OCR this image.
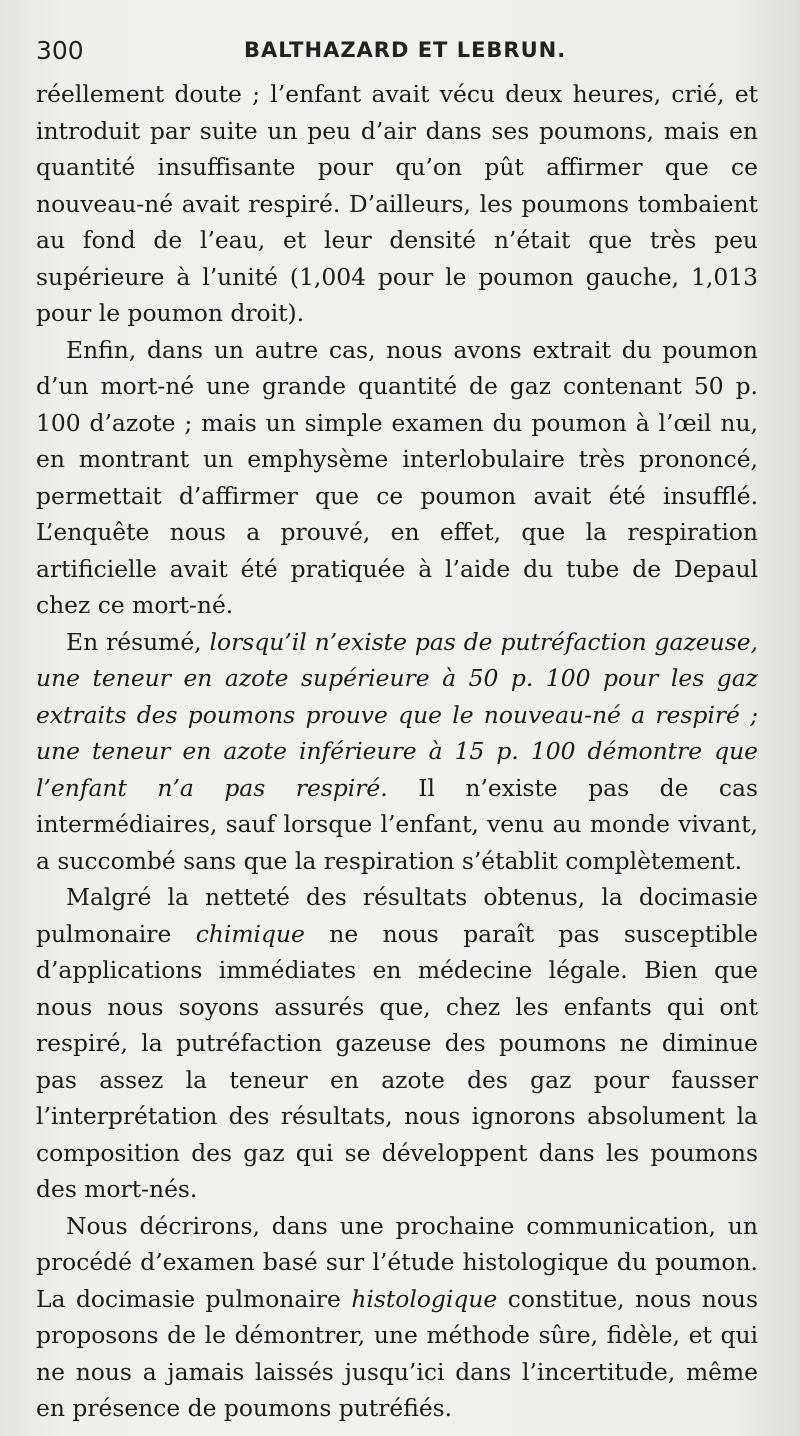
300	BALTHAZARD ET LEBRUN.

réellement doute ; l’enfant avait vécu deux heures, crié, et introduit par suite un peu d’air dans ses poumons, mais en quantité insuffisante pour qu’on pût affirmer que ce nouveau-né avait respiré. D’ailleurs, les poumons tombaient au fond de l’eau, et leur densité n’était que très peu supérieure à l’unité (1,004 pour le poumon gauche, 1,013 pour le poumon droit).

Enfin, dans un autre cas, nous avons extrait du poumon d’un mort-né une grande quantité de gaz contenant 50 p. 100 d’azote ; mais un simple examen du poumon à l’œil nu, en montrant un emphysème interlobulaire très prononcé, permettait d’affirmer que ce poumon avait été insufflé. L’enquête nous a prouvé, en effet, que la respiration artificielle avait été pratiquée à l’aide du tube de Depaul chez ce mort-né.

En résumé, lorsqu’il n’existe pas de putréfaction gazeuse, une teneur en azote supérieure à 50 p. 100 pour les gaz extraits des poumons prouve que le nouveau-né a respiré ; une teneur en azote inférieure à 15 p. 100 démontre que l’enfant n’a pas respiré. Il n’existe pas de cas intermédiaires, sauf lorsque l’enfant, venu au monde vivant, a succombé sans que la respiration s’établit complètement.

Malgré la netteté des résultats obtenus, la docimasie pulmonaire chimique ne nous paraît pas susceptible d’applications immédiates en médecine légale. Bien que nous nous soyons assurés que, chez les enfants qui ont respiré, la putréfaction gazeuse des poumons ne diminue pas assez la teneur en azote des gaz pour fausser l’interprétation des résultats, nous ignorons absolument la composition des gaz qui se développent dans les poumons des mort-nés.

Nous décrirons, dans une prochaine communication, un procédé d’examen basé sur l’étude histologique du poumon. La docimasie pulmonaire histologique constitue, nous nous proposons de le démontrer, une méthode sûre, fidèle, et qui ne nous a jamais laissés jusqu’ici dans l’incertitude, même en présence de poumons putréfiés.
